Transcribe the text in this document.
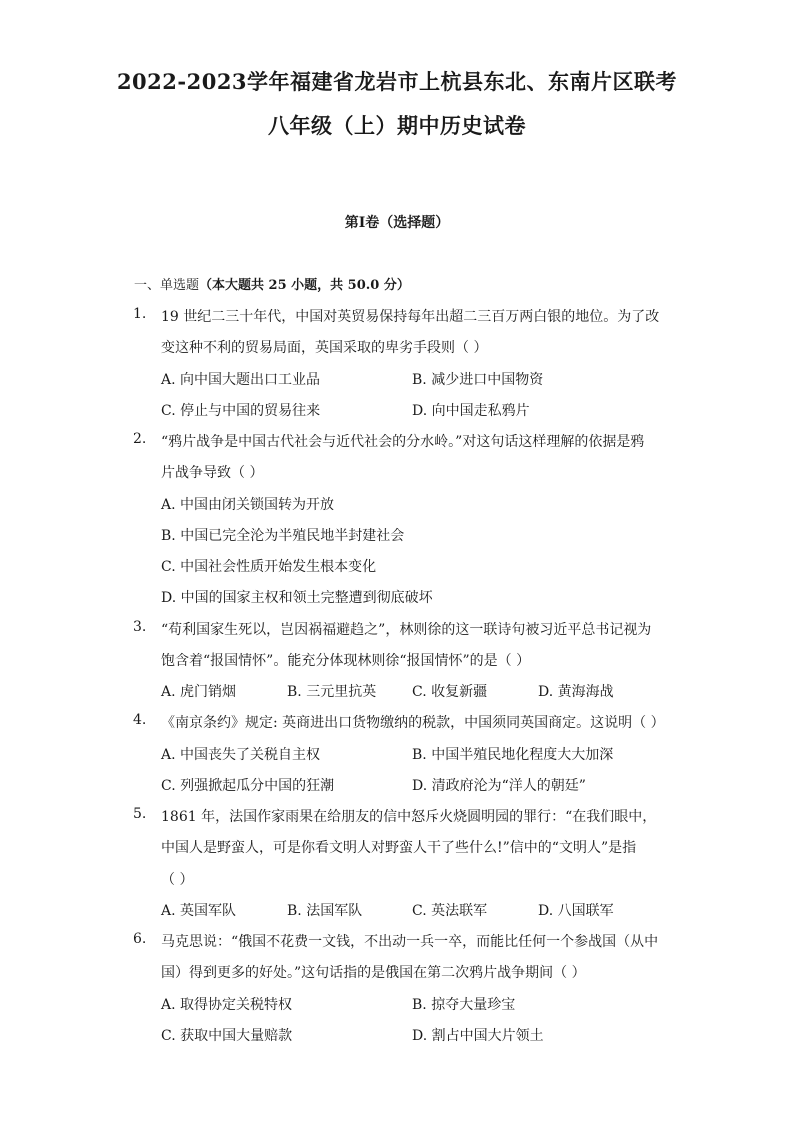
2022-2023学年福建省龙岩市上杭县东北、东南片区联考
八年级（上）期中历史试卷
第I卷（选择题）
一、单选题（本大题共 25 小题，共 50.0 分）
1.	19 世纪二三十年代，中国对英贸易保持每年出超二三百万两白银的地位。为了改
变这种不利的贸易局面，英国采取的卑劣手段则（ ）
A. 向中国大题出口工业品	B. 减少进口中国物资
C. 停止与中国的贸易往来	D. 向中国走私鸦片
2.	“鸦片战争是中国古代社会与近代社会的分水岭。”对这句话这样理解的依据是鸦
片战争导致（ ）
A. 中国由闭关锁国转为开放
B. 中国已完全沦为半殖民地半封建社会
C. 中国社会性质开始发生根本变化
D. 中国的国家主权和领土完整遭到彻底破坏
3.	“苟利国家生死以，岂因祸福避趋之”，林则徐的这一联诗句被习近平总书记视为
饱含着“报国情怀”。能充分体现林则徐“报国情怀”的是（ ）
A. 虎门销烟	B. 三元里抗英	C. 收复新疆	D. 黄海海战
4.	《南京条约》规定: 英商进出口货物缴纳的税款，中国须同英国商定。这说明（ ）
A. 中国丧失了关税自主权	B. 中国半殖民地化程度大大加深
C. 列强掀起瓜分中国的狂潮	D. 清政府沦为“洋人的朝廷”
5.	1861 年，法国作家雨果在给朋友的信中怒斥火烧圆明园的罪行：“在我们眼中，
中国人是野蛮人，可是你看文明人对野蛮人干了些什么!”信中的“文明人”是指
（ ）
A. 英国军队	B. 法国军队	C. 英法联军	D. 八国联军
6.	马克思说：“俄国不花费一文钱，不出动一兵一卒，而能比任何一个参战国（从中
国）得到更多的好处。”这句话指的是俄国在第二次鸦片战争期间（ ）
A. 取得协定关税特权	B. 掠夺大量珍宝
C. 获取中国大量赔款	D. 割占中国大片领土
